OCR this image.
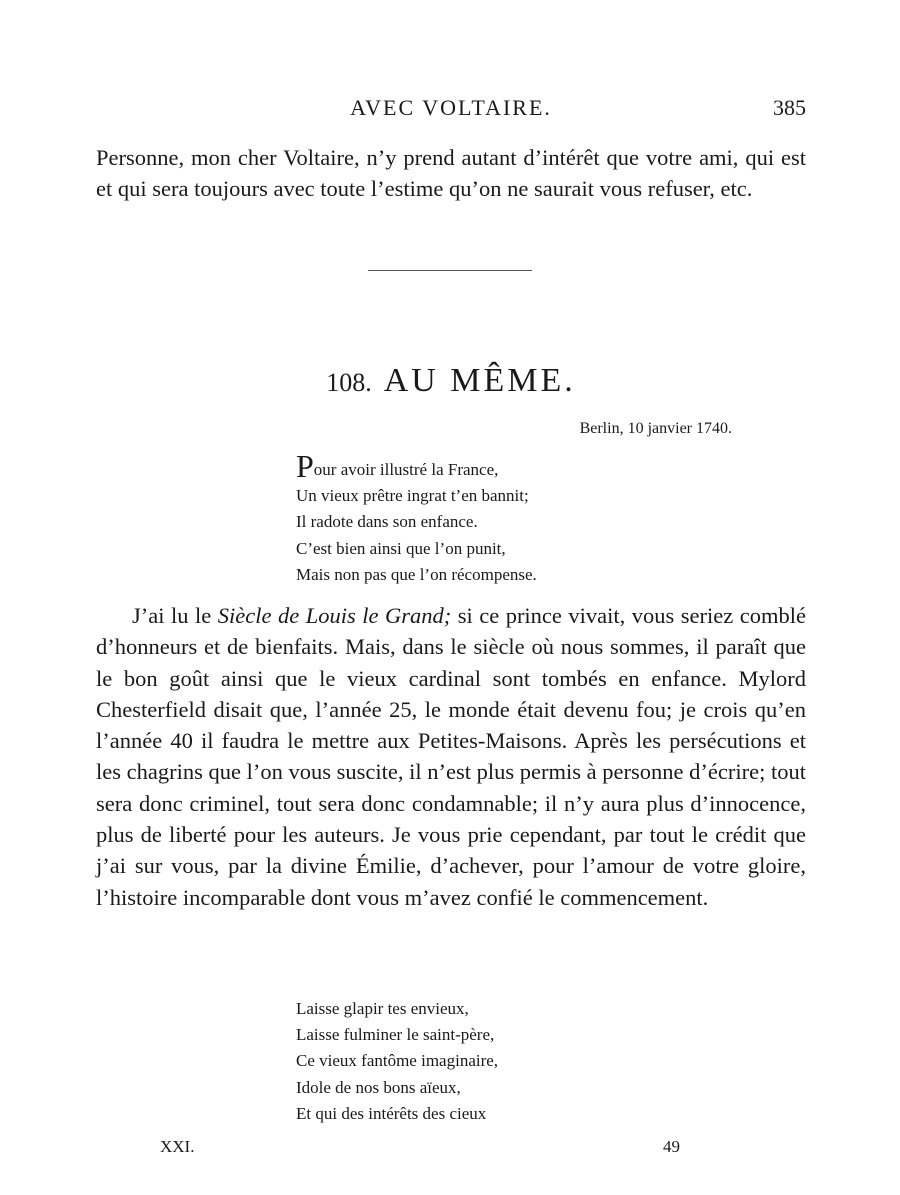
AVEC VOLTAIRE.	385

Personne, mon cher Voltaire, n’y prend autant d’intérêt que votre ami, qui est et qui sera toujours avec toute l’estime qu’on ne saurait vous refuser, etc.

108. AU MÊME.
Berlin, 10 janvier 1740.
Pour avoir illustré la France,
Un vieux prêtre ingrat t’en bannit;
Il radote dans son enfance.
C’est bien ainsi que l’on punit,
Mais non pas que l’on récompense.

J’ai lu le Siècle de Louis le Grand; si ce prince vivait, vous seriez comblé d’honneurs et de bienfaits. Mais, dans le siècle où nous sommes, il paraît que le bon goût ainsi que le vieux cardinal sont tombés en enfance. Mylord Chesterfield disait que, l’année 25, le monde était devenu fou; je crois qu’en l’année 40 il faudra le mettre aux Petites-Maisons. Après les persécutions et les chagrins que l’on vous suscite, il n’est plus permis à personne d’écrire; tout sera donc criminel, tout sera donc condamnable; il n’y aura plus d’innocence, plus de liberté pour les auteurs. Je vous prie cependant, par tout le crédit que j’ai sur vous, par la divine Émilie, d’achever, pour l’amour de votre gloire, l’histoire incomparable dont vous m’avez confié le commencement.

Laisse glapir tes envieux,
Laisse fulminer le saint-père,
Ce vieux fantôme imaginaire,
Idole de nos bons aïeux,
Et qui des intérêts des cieux
XXI.	49
